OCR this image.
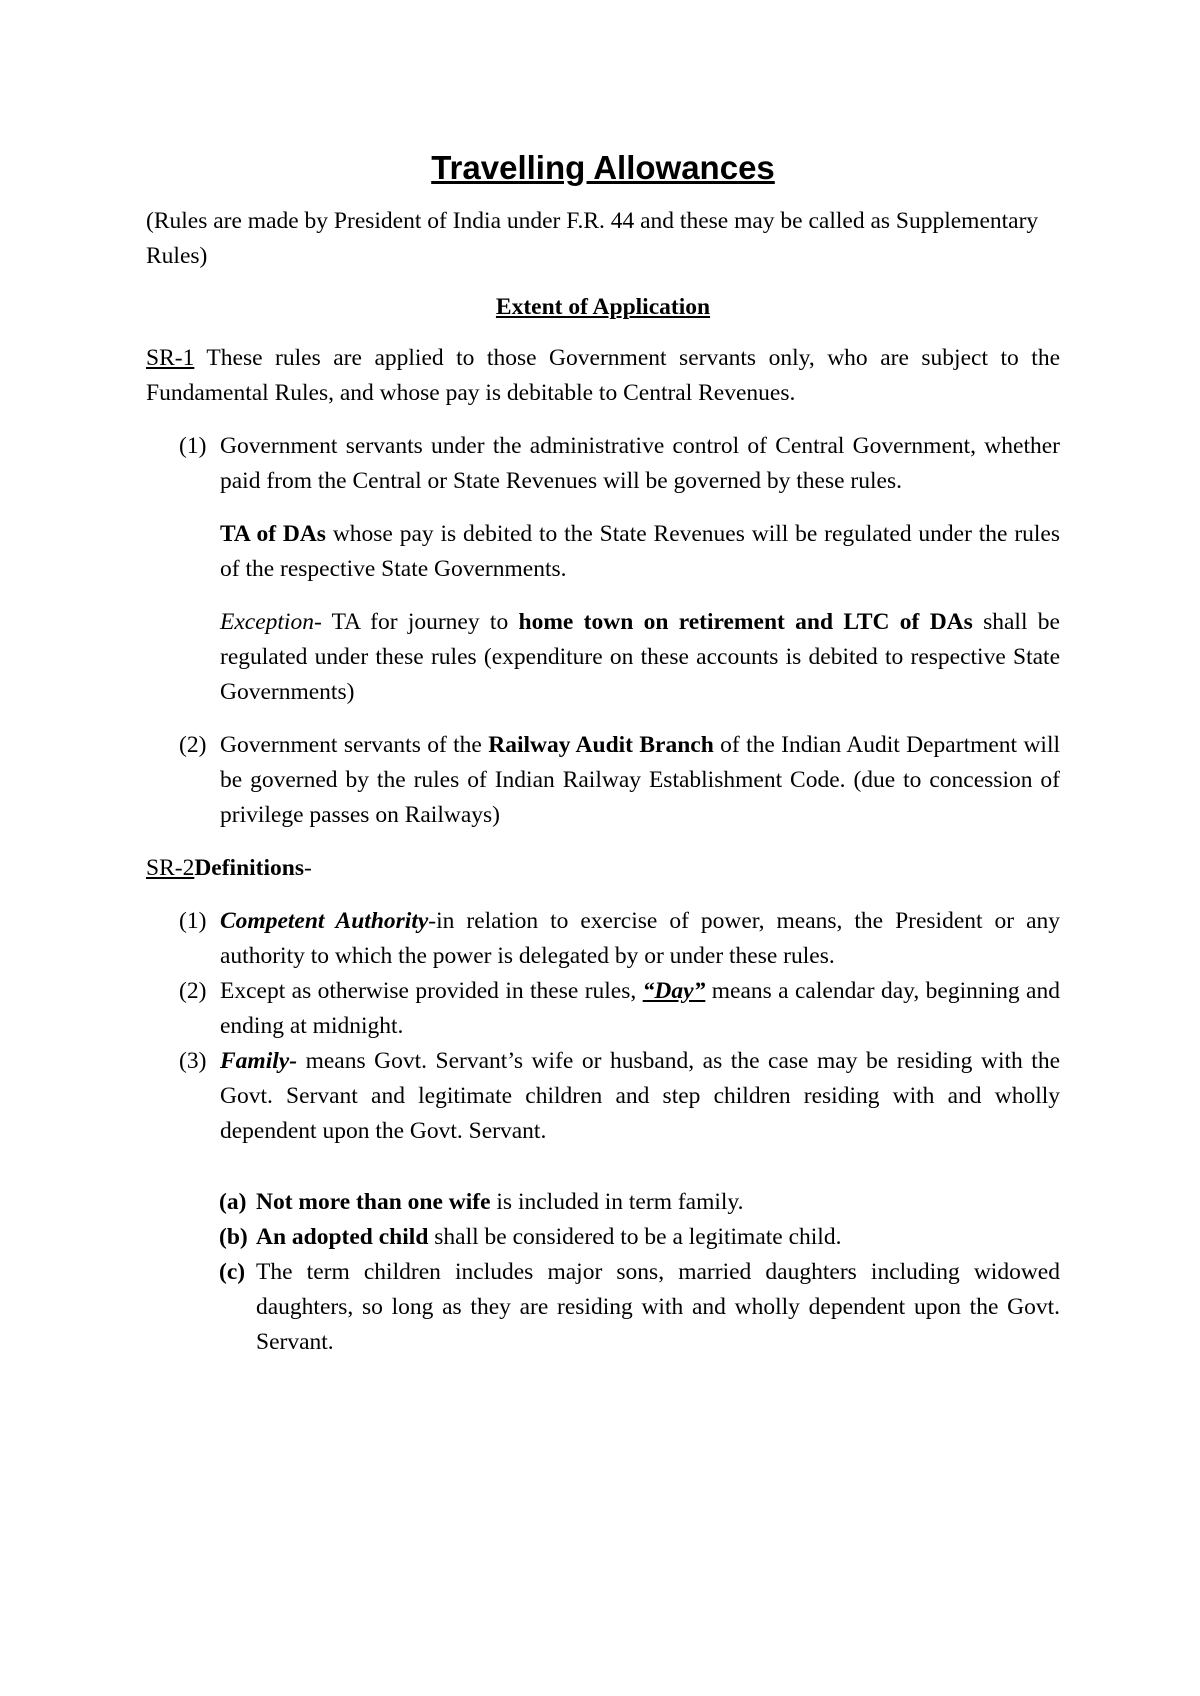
Travelling Allowances

(Rules are made by President of India under F.R. 44 and these may be called as Supplementary Rules)

Extent of Application

SR-1 These rules are applied to those Government servants only, who are subject to the Fundamental Rules, and whose pay is debitable to Central Revenues.

(1) Government servants under the administrative control of Central Government, whether paid from the Central or State Revenues will be governed by these rules.

TA of DAs whose pay is debited to the State Revenues will be regulated under the rules of the respective State Governments.

Exception- TA for journey to home town on retirement and LTC of DAs shall be regulated under these rules (expenditure on these accounts is debited to respective State Governments)

(2) Government servants of the Railway Audit Branch of the Indian Audit Department will be governed by the rules of Indian Railway Establishment Code. (due to concession of privilege passes on Railways)

SR-2Definitions-

(1) Competent Authority-in relation to exercise of power, means, the President or any authority to which the power is delegated by or under these rules.
(2) Except as otherwise provided in these rules, “Day” means a calendar day, beginning and ending at midnight.
(3) Family- means Govt. Servant’s wife or husband, as the case may be residing with the Govt. Servant and legitimate children and step children residing with and wholly dependent upon the Govt. Servant.
(a) Not more than one wife is included in term family.
(b) An adopted child shall be considered to be a legitimate child.
(c) The term children includes major sons, married daughters including widowed daughters, so long as they are residing with and wholly dependent upon the Govt. Servant.
